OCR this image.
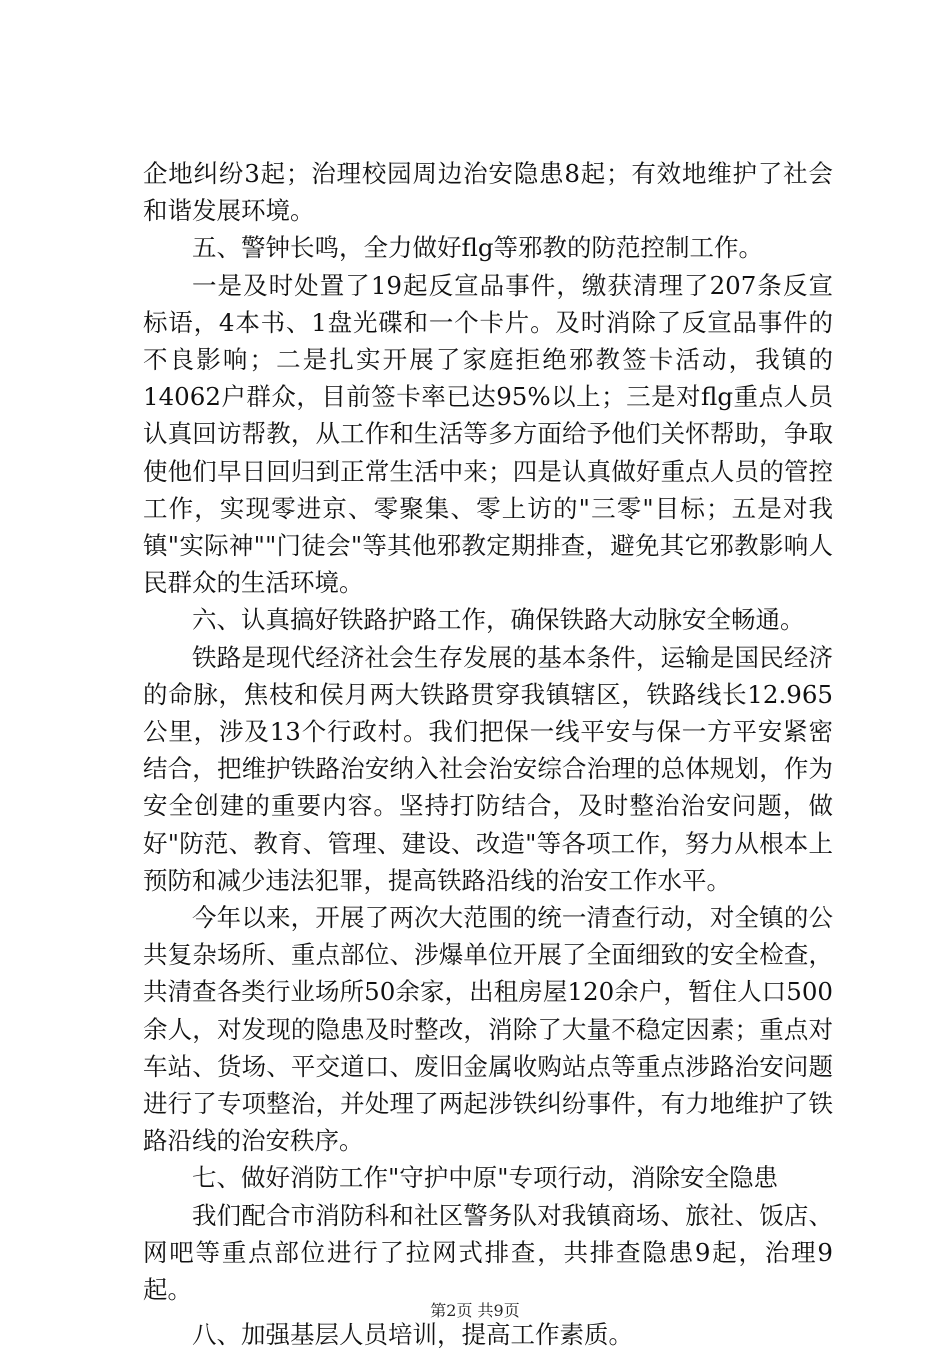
企地纠纷3起；治理校园周边治安隐患8起；有效地维护了社会和谐发展环境。

五、警钟长鸣，全力做好flg等邪教的防范控制工作。

一是及时处置了19起反宣品事件，缴获清理了207条反宣标语，4本书、1盘光碟和一个卡片。及时消除了反宣品事件的不良影响；二是扎实开展了家庭拒绝邪教签卡活动，我镇的14062户群众，目前签卡率已达95%以上；三是对flg重点人员认真回访帮教，从工作和生活等多方面给予他们关怀帮助，争取使他们早日回归到正常生活中来；四是认真做好重点人员的管控工作，实现零进京、零聚集、零上访的"三零"目标；五是对我镇"实际神""门徒会"等其他邪教定期排查，避免其它邪教影响人民群众的生活环境。

六、认真搞好铁路护路工作，确保铁路大动脉安全畅通。

铁路是现代经济社会生存发展的基本条件，运输是国民经济的命脉，焦枝和侯月两大铁路贯穿我镇辖区，铁路线长12.965公里，涉及13个行政村。我们把保一线平安与保一方平安紧密结合，把维护铁路治安纳入社会治安综合治理的总体规划，作为安全创建的重要内容。坚持打防结合，及时整治治安问题，做好"防范、教育、管理、建设、改造"等各项工作，努力从根本上预防和减少违法犯罪，提高铁路沿线的治安工作水平。

今年以来，开展了两次大范围的统一清查行动，对全镇的公共复杂场所、重点部位、涉爆单位开展了全面细致的安全检查，共清查各类行业场所50余家，出租房屋120余户，暂住人口500余人，对发现的隐患及时整改，消除了大量不稳定因素；重点对车站、货场、平交道口、废旧金属收购站点等重点涉路治安问题进行了专项整治，并处理了两起涉铁纠纷事件，有力地维护了铁路沿线的治安秩序。

七、做好消防工作"守护中原"专项行动，消除安全隐患

我们配合市消防科和社区警务队对我镇商场、旅社、饭店、网吧等重点部位进行了拉网式排查，共排查隐患9起，治理9起。

八、加强基层人员培训，提高工作素质。

第2页 共9页
